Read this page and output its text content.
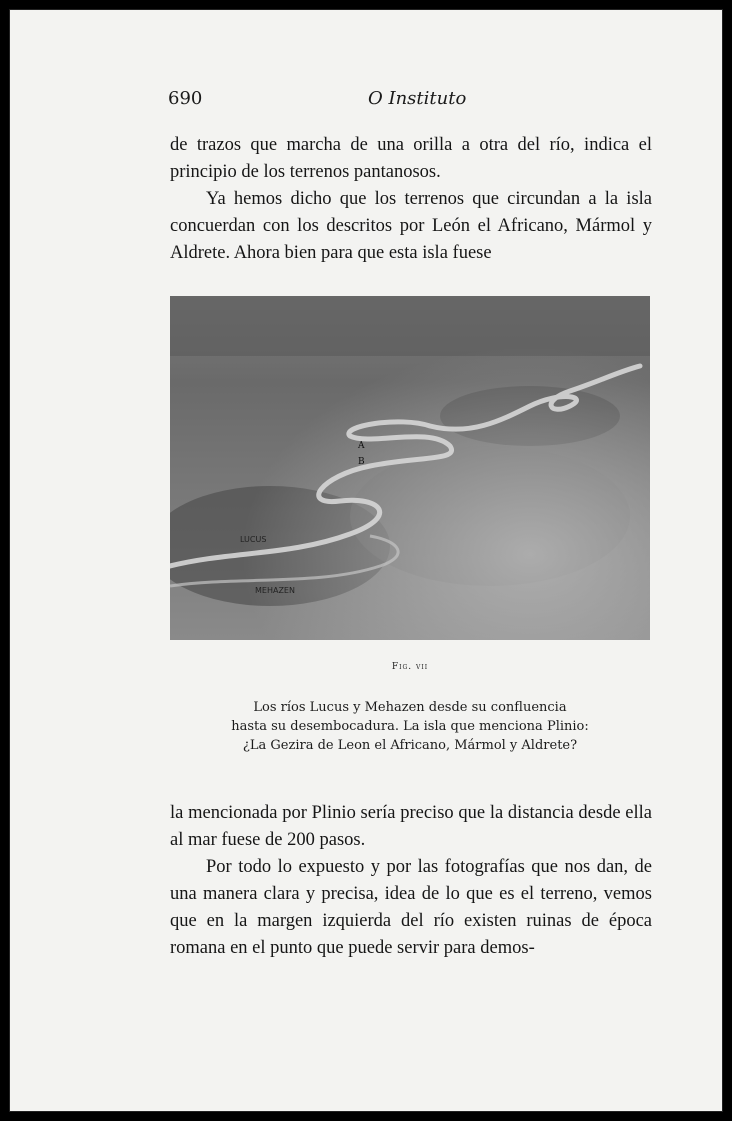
690	O Instituto

de trazos que marcha de una orilla a otra del río, indica el principio de los terrenos pantanosos.

Ya hemos dicho que los terrenos que circundan a la isla concuerdan con los descritos por León el Africano, Mármol y Aldrete. Ahora bien para que esta isla fuese

A
B
LUCUS
MEHAZEN
Fig. vii
Los ríos Lucus y Mehazen desde su confluencia
hasta su desembocadura. La isla que menciona Plinio:
¿La Gezira de Leon el Africano, Mármol y Aldrete?

la mencionada por Plinio sería preciso que la distancia desde ella al mar fuese de 200 pasos.

Por todo lo expuesto y por las fotografías que nos dan, de una manera clara y precisa, idea de lo que es el terreno, vemos que en la margen izquierda del río existen ruinas de época romana en el punto que puede servir para demos-
